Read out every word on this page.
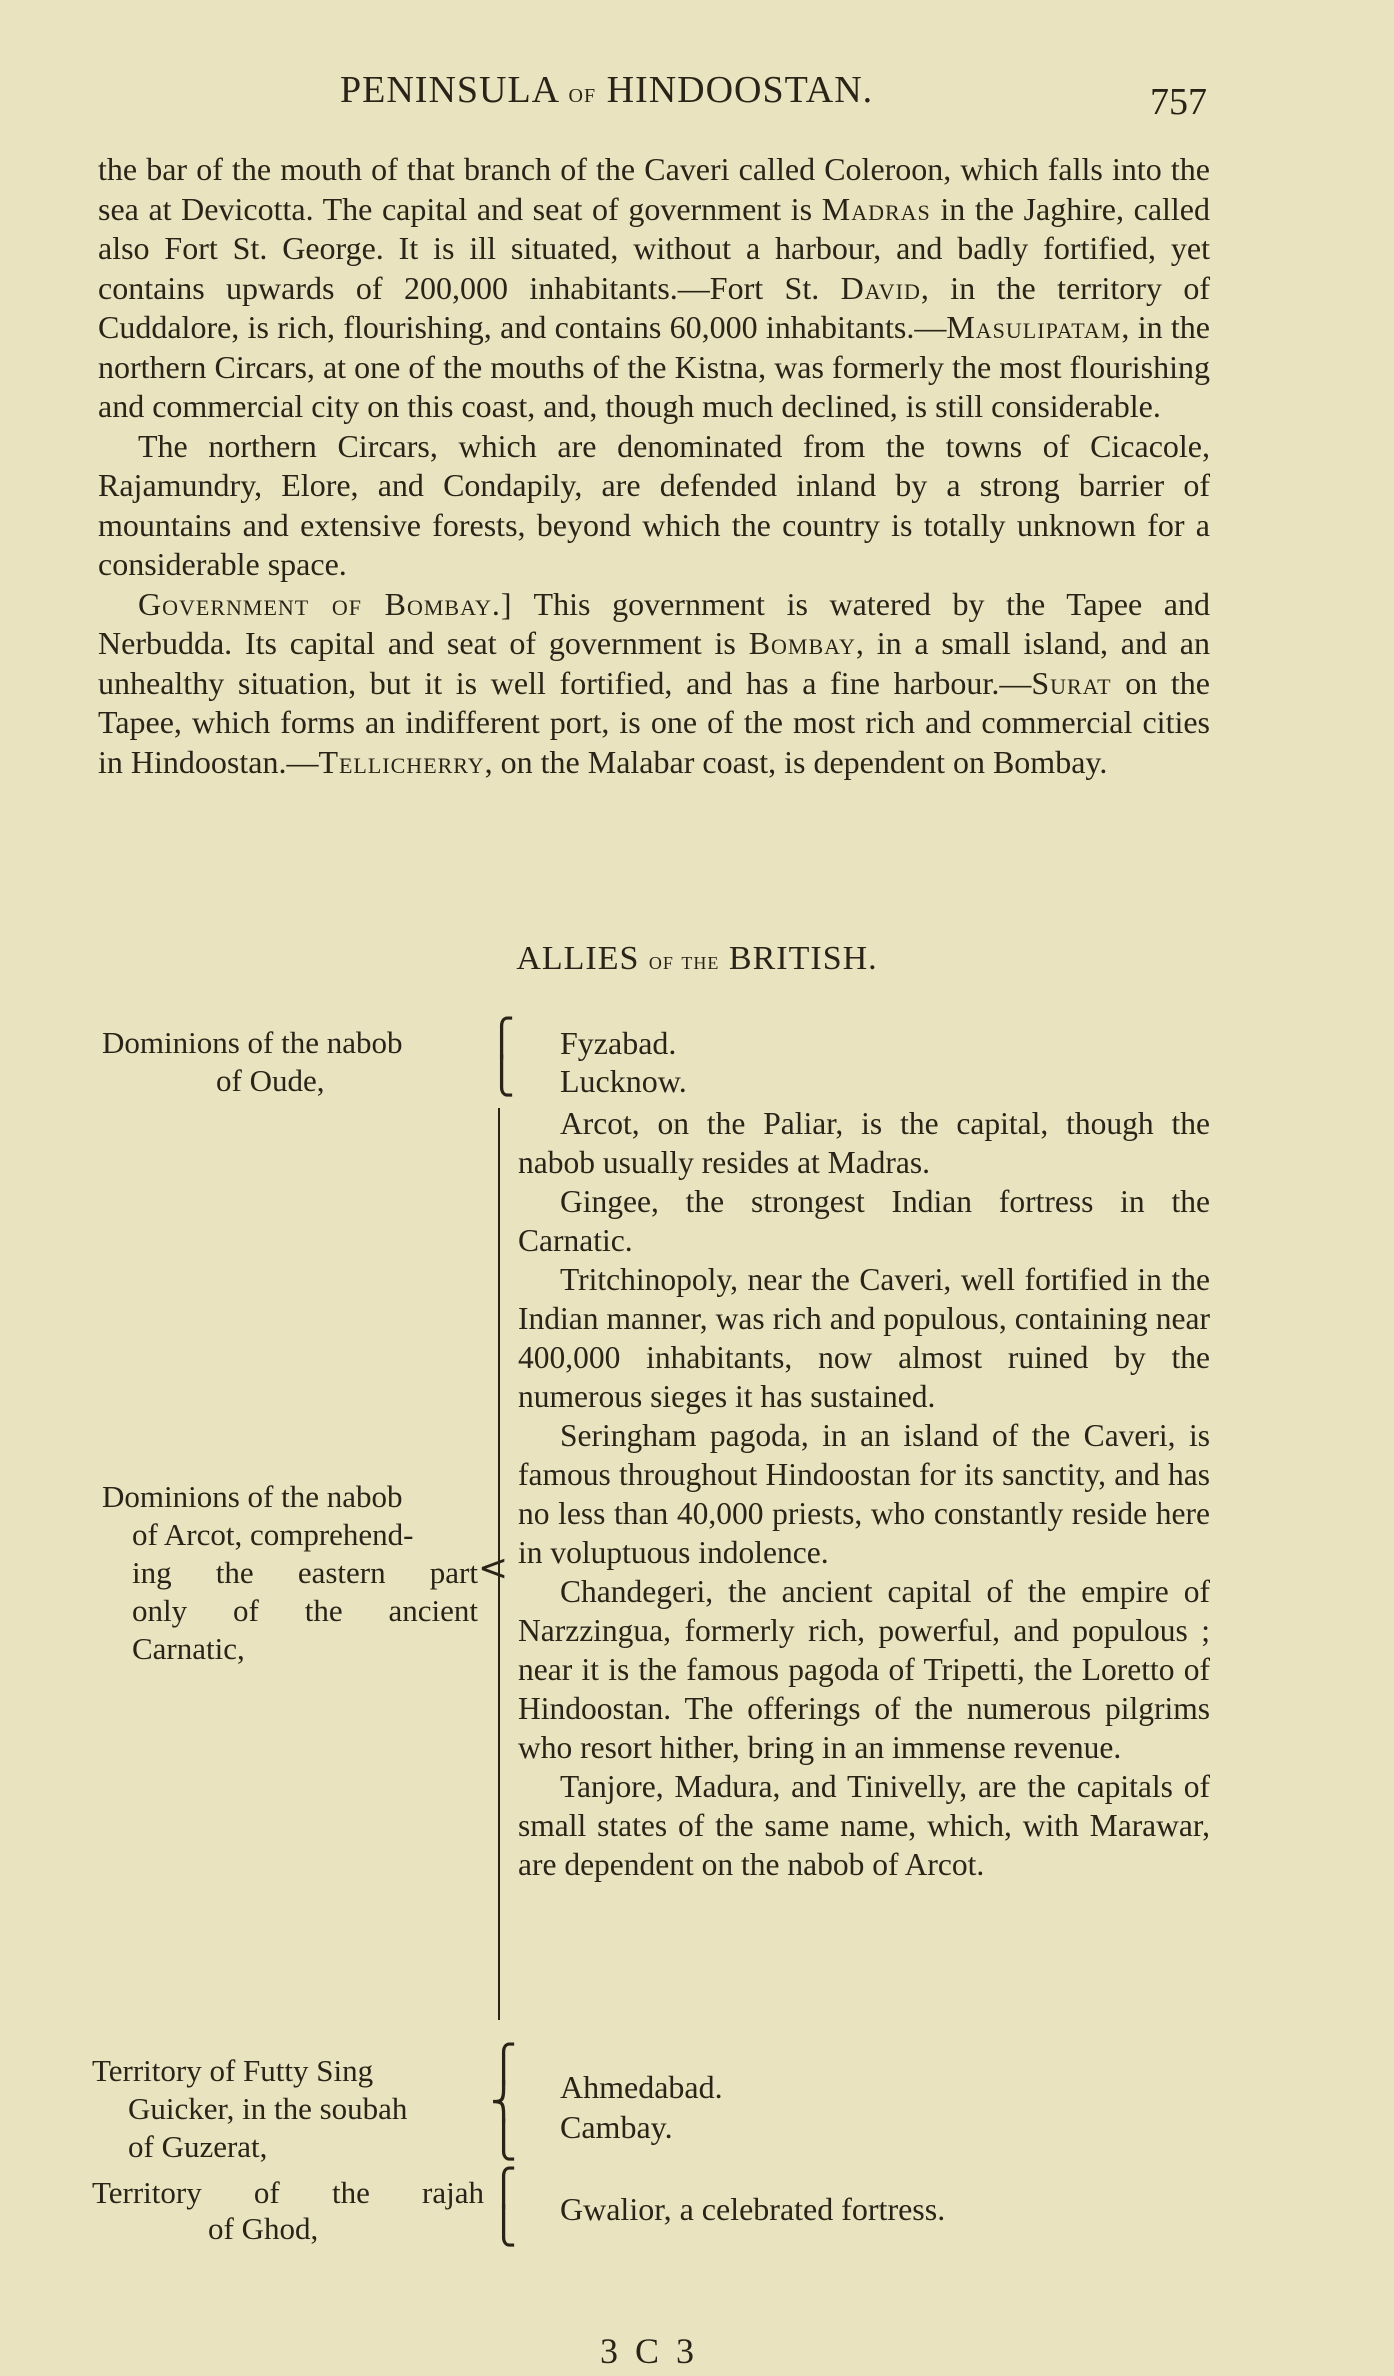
PENINSULA of HINDOOSTAN.	757

the bar of the mouth of that branch of the Caveri called Coleroon, which falls into the sea at Devicotta. The capital and seat of government is Madras in the Jaghire, called also Fort St. George. It is ill situated, without a harbour, and badly fortified, yet contains upwards of 200,000 inhabitants.—Fort St. David, in the territory of Cuddalore, is rich, flourishing, and contains 60,000 inhabitants.—Masulipatam, in the northern Circars, at one of the mouths of the Kistna, was formerly the most flourishing and commercial city on this coast, and, though much declined, is still considerable.

The northern Circars, which are denominated from the towns of Cicacole, Rajamundry, Elore, and Condapily, are defended inland by a strong barrier of mountains and extensive forests, beyond which the country is totally unknown for a considerable space.

Government of Bombay.] This government is watered by the Tapee and Nerbudda. Its capital and seat of government is Bombay, in a small island, and an unhealthy situation, but it is well fortified, and has a fine harbour.—Surat on the Tapee, which forms an indifferent port, is one of the most rich and commercial cities in Hindoostan.—Tellicherry, on the Malabar coast, is dependent on Bombay.

ALLIES of the BRITISH.
Dominions of the nabob
of Oude,
⎧
⎩
Fyzabad.
Lucknow.
<
Dominions of the nabob
of Arcot, comprehend-
ing the eastern part
only of the ancient
Carnatic,

Arcot, on the Paliar, is the capital, though the nabob usually resides at Madras.

Gingee, the strongest Indian fortress in the Carnatic.

Tritchinopoly, near the Caveri, well fortified in the Indian manner, was rich and populous, containing near 400,000 inhabitants, now almost ruined by the numerous sieges it has sustained.

Seringham pagoda, in an island of the Caveri, is famous throughout Hindoostan for its sanctity, and has no less than 40,000 priests, who constantly reside here in voluptuous indolence.

Chandegeri, the ancient capital of the empire of Narzzingua, formerly rich, powerful, and populous ; near it is the famous pagoda of Tripetti, the Loretto of Hindoostan. The offerings of the numerous pilgrims who resort hither, bring in an immense revenue.

Tanjore, Madura, and Tinivelly, are the capitals of small states of the same name, which, with Marawar, are dependent on the nabob of Arcot.

Territory of Futty Sing
Guicker, in the soubah
of Guzerat,
⎧
⎨
⎩
Ahmedabad.
Cambay.
Territory of the rajah
of Ghod,
⎧
⎩ Gwalior, a celebrated fortress.
3 C 3
